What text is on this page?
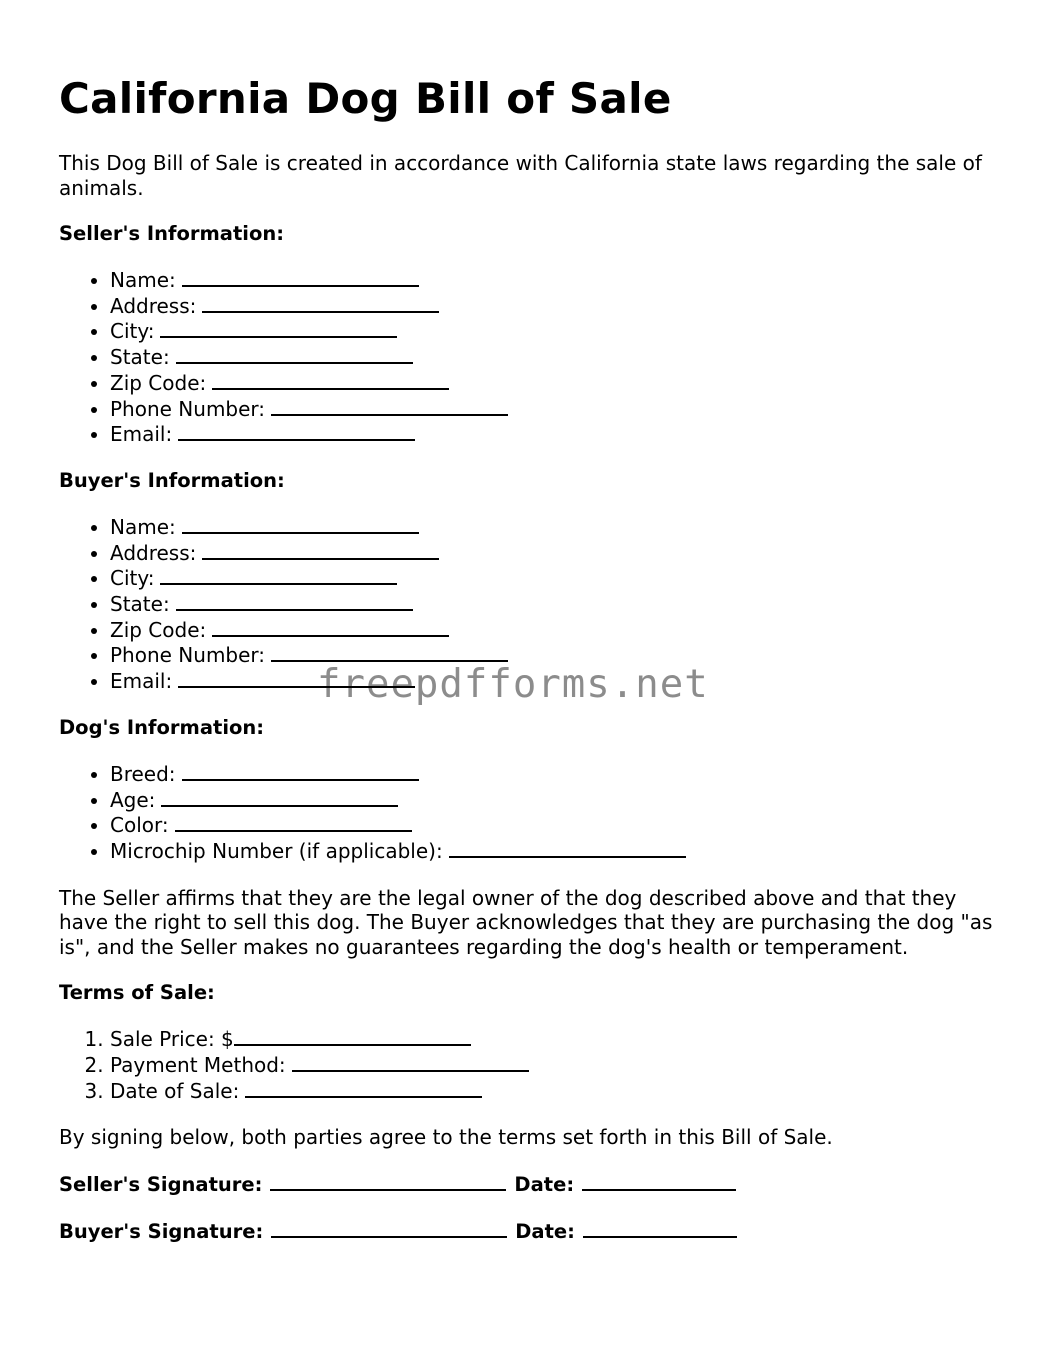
California Dog Bill of Sale

This Dog Bill of Sale is created in accordance with California state laws regarding the sale of animals.

Seller's Information:
• Name:
• Address:
• City:
• State:
• Zip Code:
• Phone Number:
• Email:
Buyer's Information:
• Name:
• Address:
• City:
• State:
• Zip Code:
• Phone Number:
• Email:
Dog's Information:
• Breed:
• Age:
• Color:
• Microchip Number (if applicable):

The Seller affirms that they are the legal owner of the dog described above and that they have the right to sell this dog. The Buyer acknowledges that they are purchasing the dog "as is", and the Seller makes no guarantees regarding the dog's health or temperament.

Terms of Sale:
1. Sale Price: $
2. Payment Method:
3. Date of Sale:

By signing below, both parties agree to the terms set forth in this Bill of Sale.

Seller's Signature:	Date:
Buyer's Signature:	Date:
freepdfforms.net
